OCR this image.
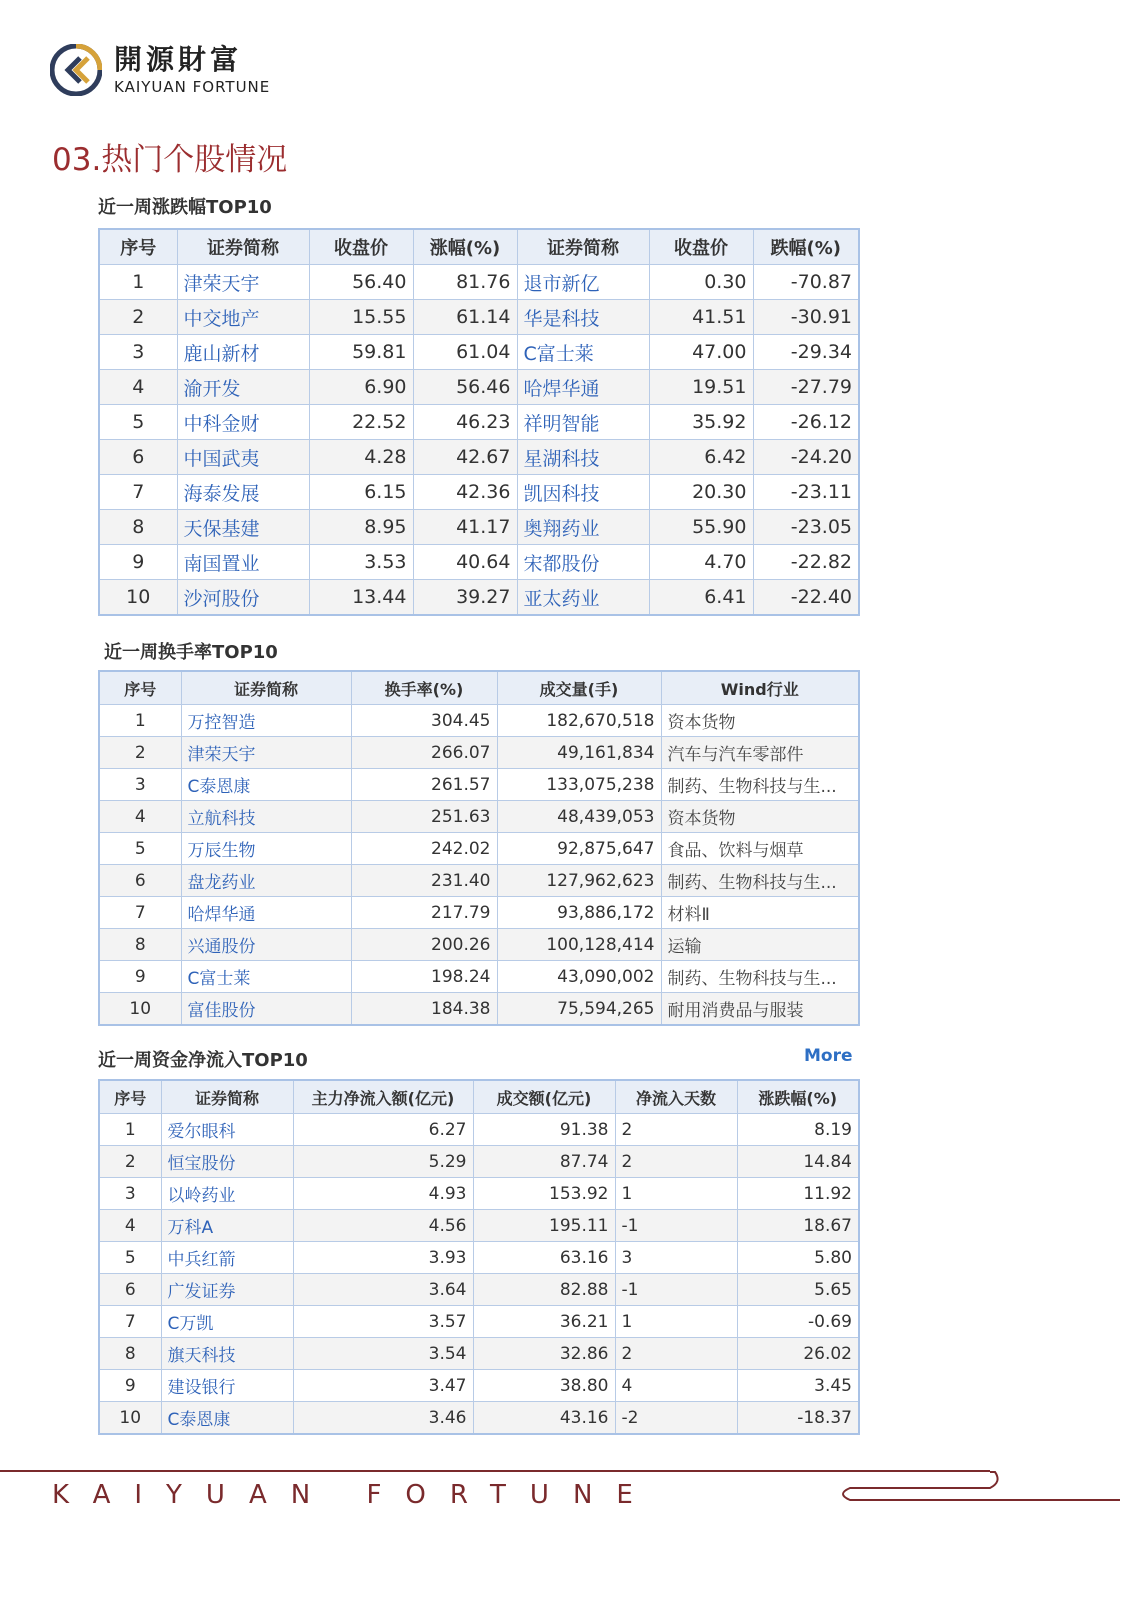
開源財富
KAIYUAN FORTUNE
03.热门个股情况
近一周涨跌幅TOP10
序号	证券简称	收盘价	涨幅(%)	证券简称	收盘价	跌幅(%)
1	津荣天宇	56.40	81.76	退市新亿	0.30	-70.87
2	中交地产	15.55	61.14	华是科技	41.51	-30.91
3	鹿山新材	59.81	61.04	C富士莱	47.00	-29.34
4	渝开发	6.90	56.46	哈焊华通	19.51	-27.79
5	中科金财	22.52	46.23	祥明智能	35.92	-26.12
6	中国武夷	4.28	42.67	星湖科技	6.42	-24.20
7	海泰发展	6.15	42.36	凯因科技	20.30	-23.11
8	天保基建	8.95	41.17	奥翔药业	55.90	-23.05
9	南国置业	3.53	40.64	宋都股份	4.70	-22.82
10	沙河股份	13.44	39.27	亚太药业	6.41	-22.40
近一周换手率TOP10
序号	证券简称	换手率(%)	成交量(手)	Wind行业
1	万控智造	304.45	182,670,518	资本货物
2	津荣天宇	266.07	49,161,834	汽车与汽车零部件
3	C泰恩康	261.57	133,075,238	制药、生物科技与生...
4	立航科技	251.63	48,439,053	资本货物
5	万辰生物	242.02	92,875,647	食品、饮料与烟草
6	盘龙药业	231.40	127,962,623	制药、生物科技与生...
7	哈焊华通	217.79	93,886,172	材料Ⅱ
8	兴通股份	200.26	100,128,414	运输
9	C富士莱	198.24	43,090,002	制药、生物科技与生...
10	富佳股份	184.38	75,594,265	耐用消费品与服装
近一周资金净流入TOP10	More
序号	证券简称	主力净流入额(亿元)	成交额(亿元)	净流入天数	涨跌幅(%)
1	爱尔眼科	6.27	91.38	2	8.19
2	恒宝股份	5.29	87.74	2	14.84
3	以岭药业	4.93	153.92	1	11.92
4	万科A	4.56	195.11	-1	18.67
5	中兵红箭	3.93	63.16	3	5.80
6	广发证券	3.64	82.88	-1	5.65
7	C万凯	3.57	36.21	1	-0.69
8	旗天科技	3.54	32.86	2	26.02
9	建设银行	3.47	38.80	4	3.45
10	C泰恩康	3.46	43.16	-2	-18.37
KAIYUAN FORTUNE
